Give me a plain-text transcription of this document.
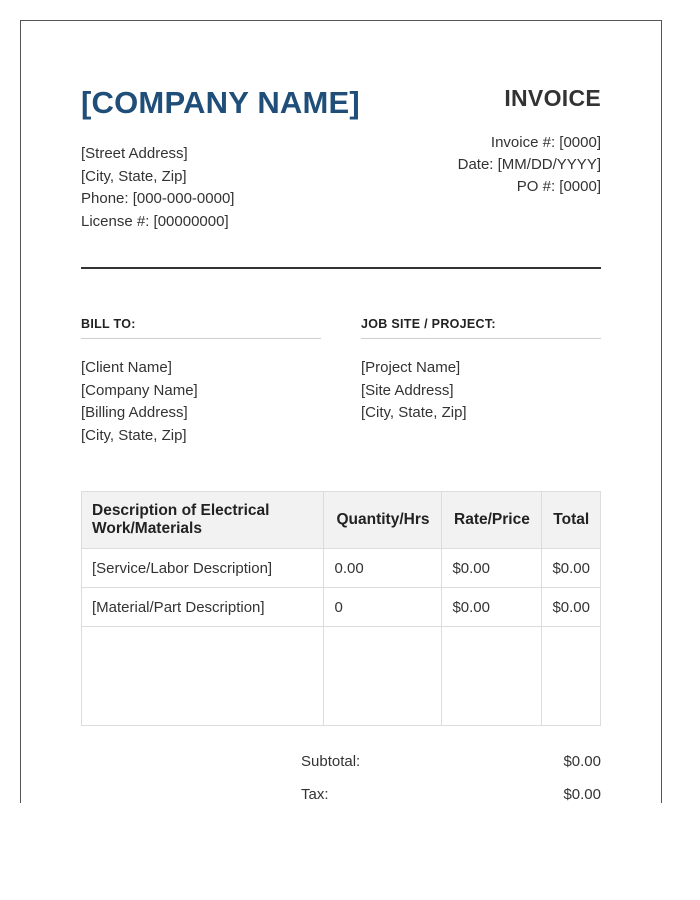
[COMPANY NAME]
[Street Address]
[City, State, Zip]
Phone: [000-000-0000]
License #: [00000000]
INVOICE
Invoice #: [0000]
Date: [MM/DD/YYYY]
PO #: [0000]
BILL TO:
[Client Name]
[Company Name]
[Billing Address]
[City, State, Zip]
JOB SITE / PROJECT:
[Project Name]
[Site Address]
[City, State, Zip]
Description of Electrical Work/Materials	Quantity/Hrs	Rate/Price	Total
[Service/Labor Description]	0.00	$0.00	$0.00
[Material/Part Description]	0	$0.00	$0.00

Subtotal:	$0.00
Tax:	$0.00
